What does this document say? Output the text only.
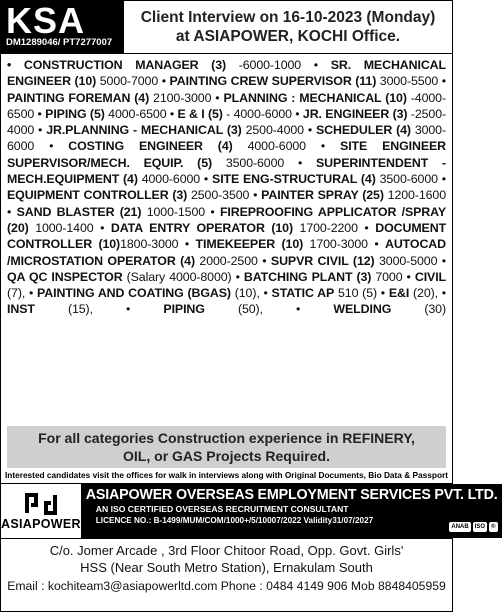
KSA
DM1289046/ PT7277007
Client Interview on 16-10-2023 (Monday)
at ASIAPOWER, KOCHI Office.
• CONSTRUCTION MANAGER (3) -6000-1000 • SR. MECHANICAL ENGINEER (10) 5000-7000 • PAINTING CREW SUPERVISOR (11) 3000-5500 • PAINTING FOREMAN (4) 2100-3000 • PLANNING : MECHANICAL (10) -4000-6500 • PIPING (5) 4000-6500 • E & I (5) - 4000-6000 • JR. ENGINEER (3) -2500-4000 • JR.PLANNING - MECHANICAL (3) 2500-4000 • SCHEDULER (4) 3000-6000 • COSTING ENGINEER (4) 4000-6000 • SITE ENGINEER SUPERVISOR/MECH. EQUIP. (5) 3500-6000 • SUPERINTENDENT - MECH.EQUIPMENT (4) 4000-6000 • SITE ENG-STRUCTURAL (4) 3500-6000 • EQUIPMENT CONTROLLER (3) 2500-3500 • PAINTER SPRAY (25) 1200-1600 • SAND BLASTER (21) 1000-1500 • FIREPROOFING APPLICATOR /SPRAY (20) 1000-1400 • DATA ENTRY OPERATOR (10) 1700-2200 • DOCUMENT CONTROLLER (10)1800-3000 • TIMEKEEPER (10) 1700-3000 • AUTOCAD /MICROSTATION OPERATOR (4) 2000-2500 • SUPVR CIVIL (12) 3000-5000 • QA QC INSPECTOR (Salary 4000-8000) • BATCHING PLANT (3) 7000 • CIVIL (7), • PAINTING AND COATING (BGAS) (10), • STATIC AP 510 (5) • E&I (20), • INST (15), •	PIPING (50), •	WELDING (30)
For all categories Construction experience in REFINERY,
OIL, or GAS Projects Required.
Interested candidates visit the offices for walk in interviews along with Original Documents, Bio Data & Passport
ASIAPOWER
ASIAPOWER OVERSEAS EMPLOYMENT SERVICES PVT. LTD.
AN ISO CERTIFIED OVERSEAS RECRUITMENT CONSULTANT
LICENCE NO.: B-1499/MUM/COM/1000+/5/10007/2022 Validity31/07/2027
ANAB	ISO	®
C/o. Jomer Arcade , 3rd Floor Chitoor Road, Opp. Govt. Girls'
HSS (Near South Metro Station), Ernakulam South
Email : kochiteam3@asiapowerltd.com Phone : 0484 4149 906 Mob 8848405959
